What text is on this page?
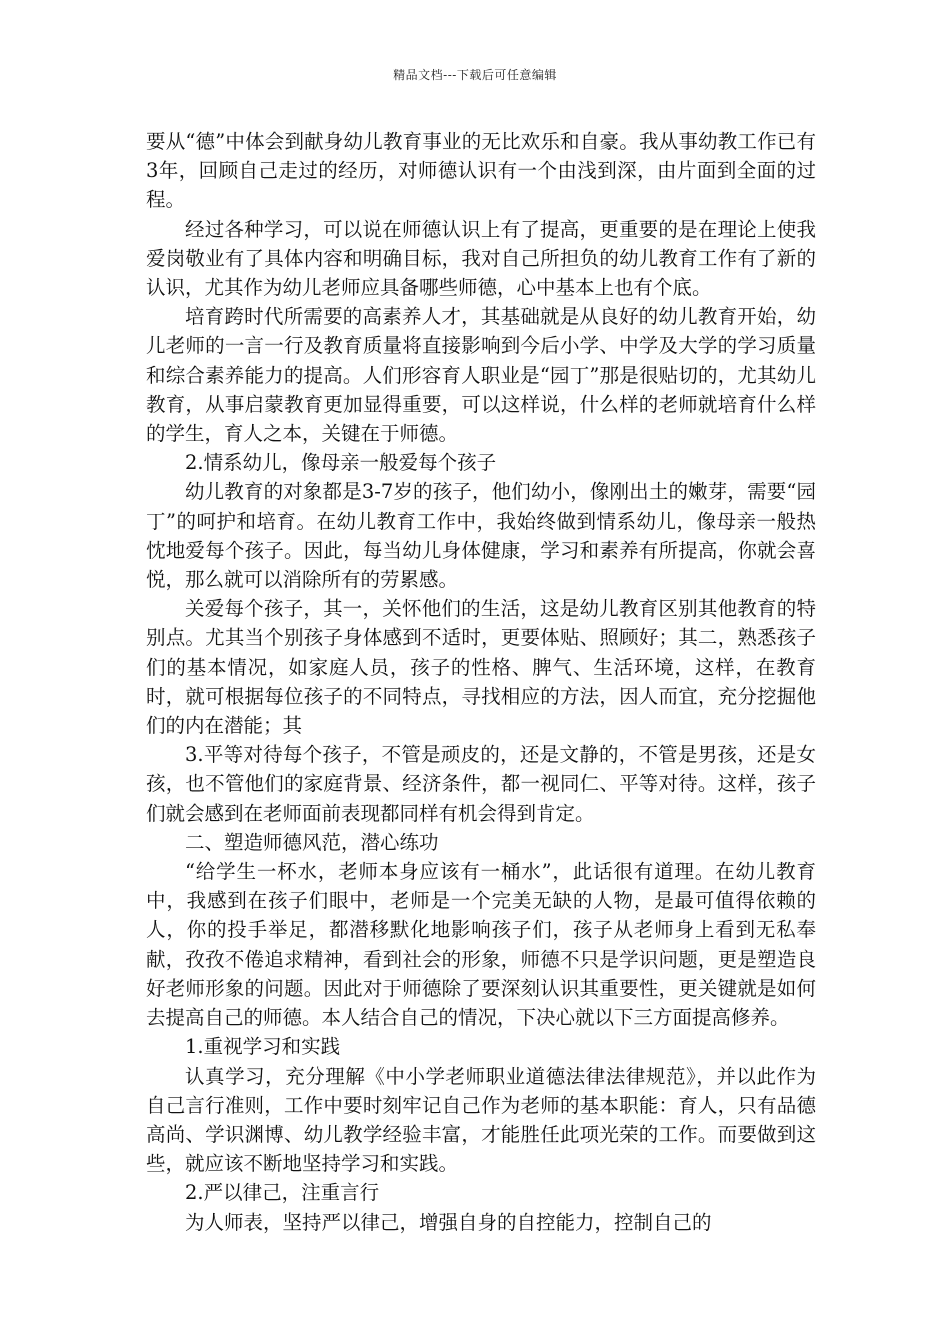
精品文档---下载后可任意编辑

要从“德”中体会到献身幼儿教育事业的无比欢乐和自豪。我从事幼教工作已有3年，回顾自己走过的经历，对师德认识有一个由浅到深，由片面到全面的过程。

经过各种学习，可以说在师德认识上有了提高，更重要的是在理论上使我爱岗敬业有了具体内容和明确目标，我对自己所担负的幼儿教育工作有了新的认识，尤其作为幼儿老师应具备哪些师德，心中基本上也有个底。

培育跨时代所需要的高素养人才，其基础就是从良好的幼儿教育开始，幼儿老师的一言一行及教育质量将直接影响到今后小学、中学及大学的学习质量和综合素养能力的提高。人们形容育人职业是“园丁”那是很贴切的，尤其幼儿教育，从事启蒙教育更加显得重要，可以这样说，什么样的老师就培育什么样的学生，育人之本，关键在于师德。

2.情系幼儿，像母亲一般爱每个孩子

幼儿教育的对象都是3-7岁的孩子，他们幼小，像刚出土的嫩芽，需要“园丁”的呵护和培育。在幼儿教育工作中，我始终做到情系幼儿，像母亲一般热忱地爱每个孩子。因此，每当幼儿身体健康，学习和素养有所提高，你就会喜悦，那么就可以消除所有的劳累感。

关爱每个孩子，其一，关怀他们的生活，这是幼儿教育区别其他教育的特别点。尤其当个别孩子身体感到不适时，更要体贴、照顾好；其二，熟悉孩子们的基本情况，如家庭人员，孩子的性格、脾气、生活环境，这样，在教育时，就可根据每位孩子的不同特点，寻找相应的方法，因人而宜，充分挖掘他们的内在潜能；其

3.平等对待每个孩子，不管是顽皮的，还是文静的，不管是男孩，还是女孩，也不管他们的家庭背景、经济条件，都一视同仁、平等对待。这样，孩子们就会感到在老师面前表现都同样有机会得到肯定。

二、塑造师德风范，潜心练功

“给学生一杯水，老师本身应该有一桶水”，此话很有道理。在幼儿教育中，我感到在孩子们眼中，老师是一个完美无缺的人物，是最可值得依赖的人，你的投手举足，都潜移默化地影响孩子们，孩子从老师身上看到无私奉献，孜孜不倦追求精神，看到社会的形象，师德不只是学识问题，更是塑造良好老师形象的问题。因此对于师德除了要深刻认识其重要性，更关键就是如何去提高自己的师德。本人结合自己的情况，下决心就以下三方面提高修养。

1.重视学习和实践

认真学习，充分理解《中小学老师职业道德法律法律规范》，并以此作为自己言行准则，工作中要时刻牢记自己作为老师的基本职能：育人，只有品德高尚、学识渊博、幼儿教学经验丰富，才能胜任此项光荣的工作。而要做到这些，就应该不断地坚持学习和实践。

2.严以律己，注重言行

为人师表，坚持严以律己，增强自身的自控能力，控制自己的
